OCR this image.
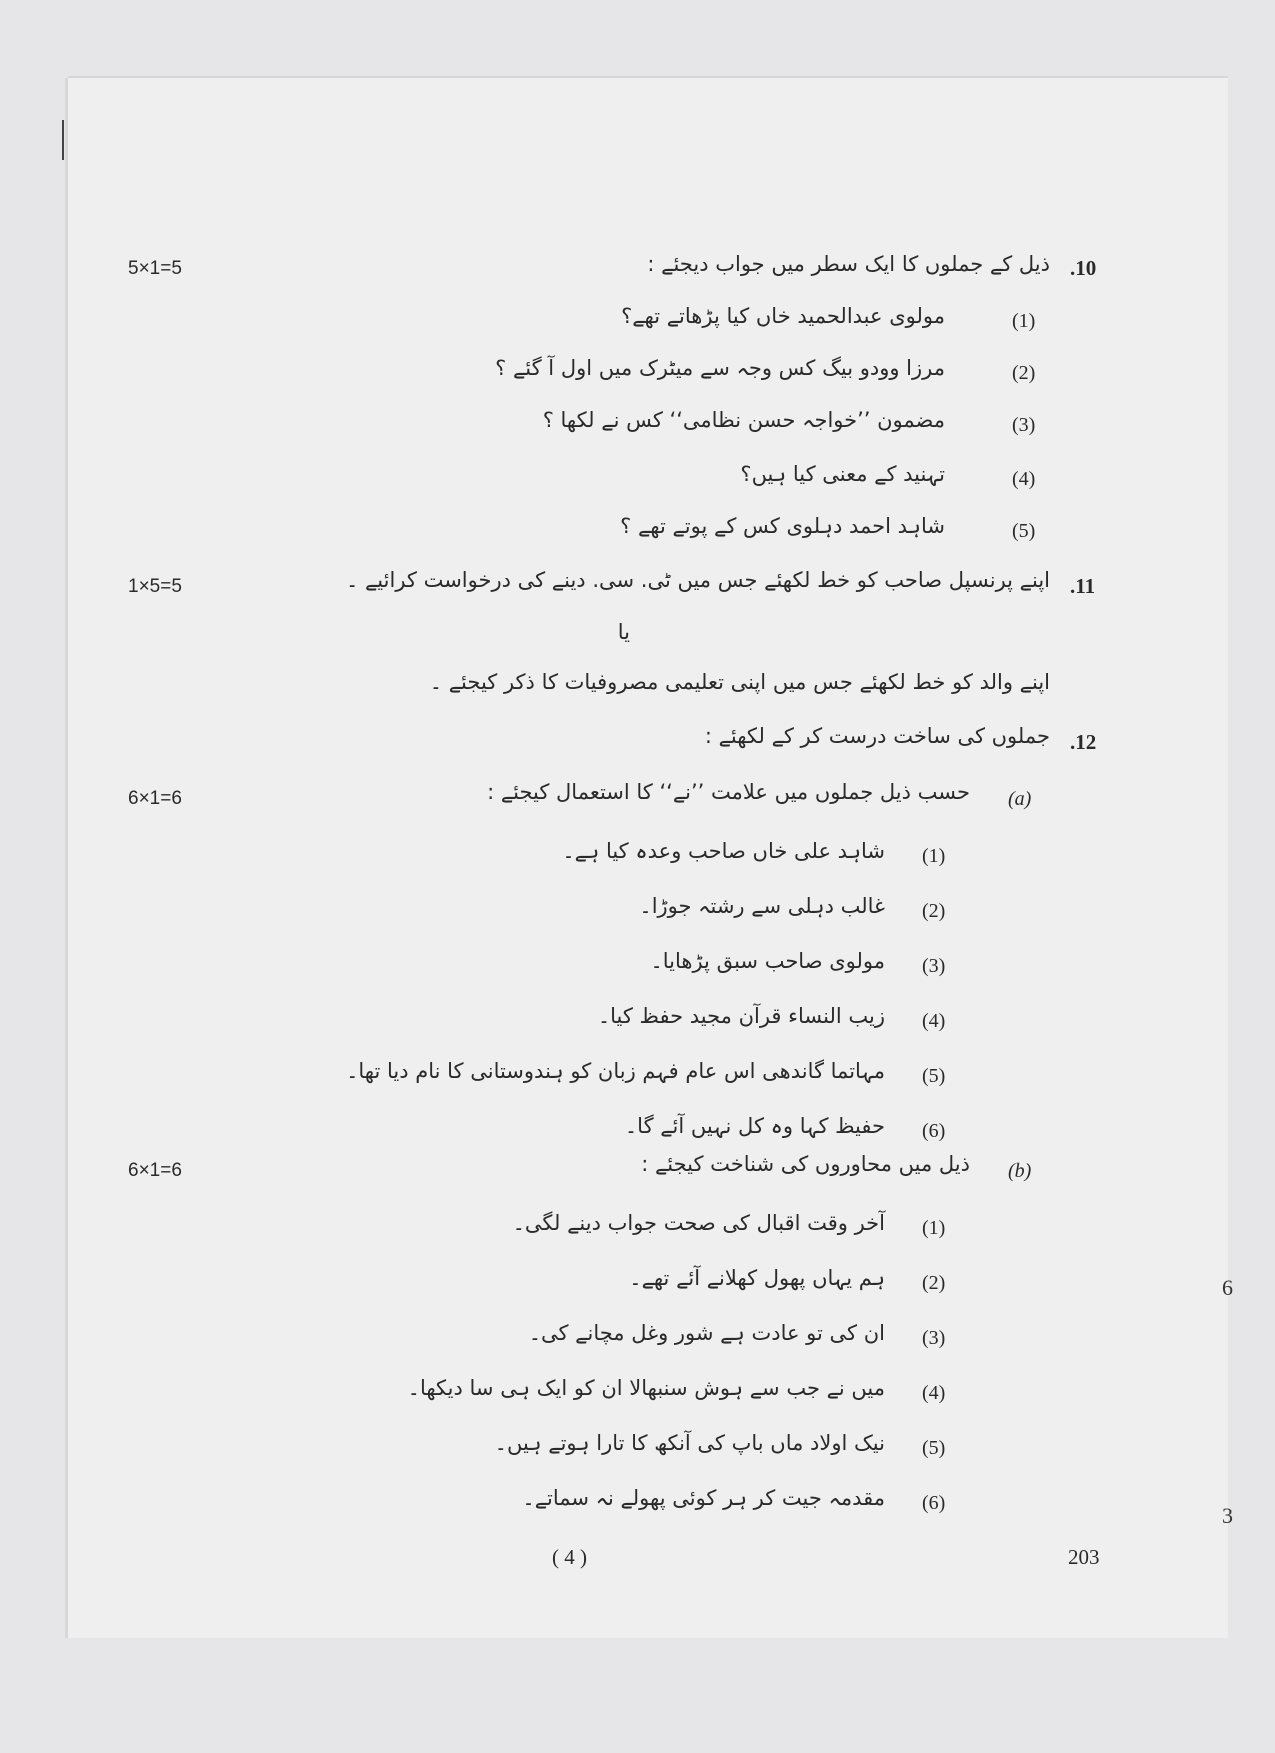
5×1=5	.10
ذیل کے جملوں کا ایک سطر میں جواب دیجئے :
(1)
مولوی عبدالحمید خاں کیا پڑھاتے تھے؟
(2)
مرزا وودو بیگ کس وجہ سے میٹرک میں اول آ گئے ؟
(3)
مضمون ’’خواجہ حسن نظامی‘‘ کس نے لکھا ؟
(4)
تہنید کے معنی کیا ہیں؟
(5)
شاہد احمد دہلوی کس کے پوتے تھے ؟
1×5=5	.11
اپنے پرنسپل صاحب کو خط لکھئے جس میں ٹی. سی. دینے کی درخواست کرائیے ۔
یا
اپنے والد کو خط لکھئے جس میں اپنی تعلیمی مصروفیات کا ذکر کیجئے ۔
.12
جملوں کی ساخت درست کر کے لکھئے :
6×1=6	(a)
حسب ذیل جملوں میں علامت ’’نے‘‘ کا استعمال کیجئے :
(1)
شاہد علی خاں صاحب وعدہ کیا ہے۔
(2)
غالب دہلی سے رشتہ جوڑا۔
(3)
مولوی صاحب سبق پڑھایا۔
(4)
زیب النساء قرآن مجید حفظ کیا۔
(5)
مہاتما گاندھی اس عام فہم زبان کو ہندوستانی کا نام دیا تھا۔
(6)
حفیظ کہا وہ کل نہیں آئے گا۔
6×1=6	(b)
ذیل میں محاوروں کی شناخت کیجئے :
(1)
آخر وقت اقبال کی صحت جواب دینے لگی۔
(2)
ہم یہاں پھول کھلانے آئے تھے۔
(3)
ان کی تو عادت ہے شور وغل مچانے کی۔
(4)
میں نے جب سے ہوش سنبھالا ان کو ایک ہی سا دیکھا۔
(5)
نیک اولاد ماں باپ کی آنکھ کا تارا ہوتے ہیں۔
(6)
مقدمہ جیت کر ہر کوئی پھولے نہ سماتے۔
6
3
( 4 )	203
